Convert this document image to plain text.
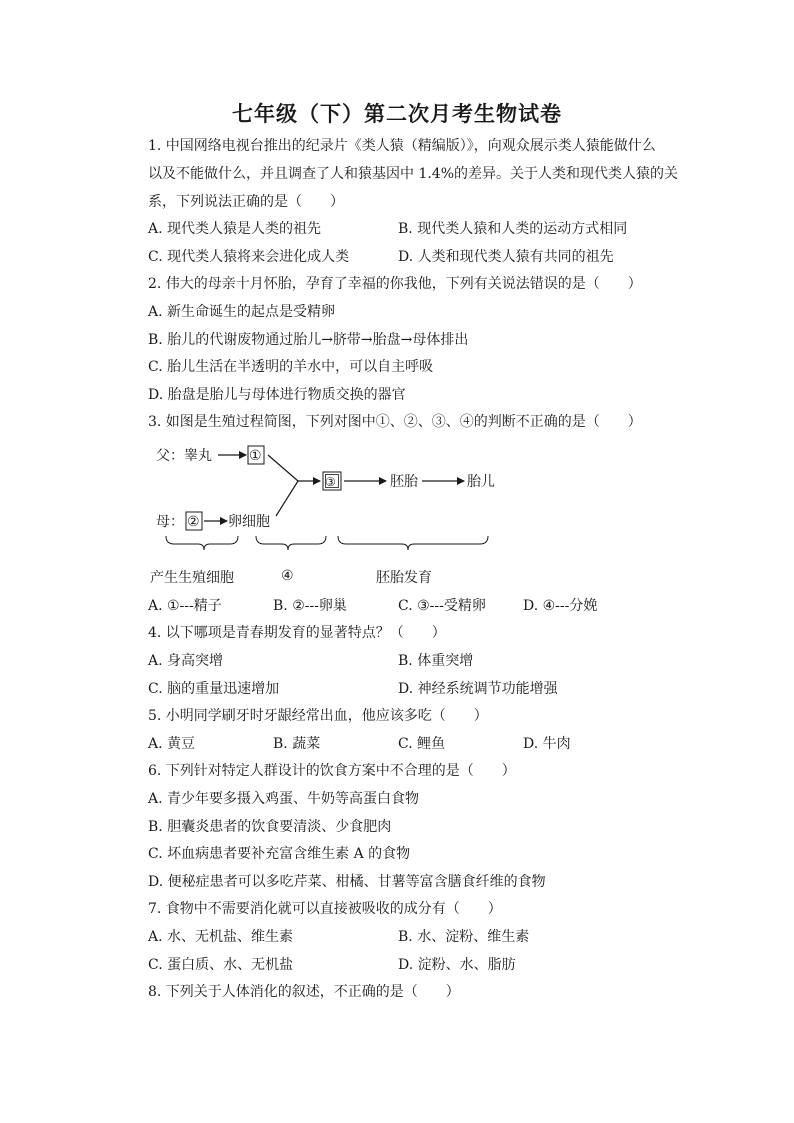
七年级（下）第二次月考生物试卷
1. 中国网络电视台推出的纪录片《类人猿（精编版）》，向观众展示类人猿能做什么
以及不能做什么，并且调查了人和猿基因中 1.4%的差异。关于人类和现代类人猿的关
系，下列说法正确的是（　　）
A. 现代类人猿是人类的祖先	B. 现代类人猿和人类的运动方式相同
C. 现代类人猿将来会进化成人类	D. 人类和现代类人猿有共同的祖先
2. 伟大的母亲十月怀胎，孕育了幸福的你我他，下列有关说法错误的是（　　）
A. 新生命诞生的起点是受精卵
B. 胎儿的代谢废物通过胎儿→脐带→胎盘→母体排出
C. 胎儿生活在半透明的羊水中，可以自主呼吸
D. 胎盘是胎儿与母体进行物质交换的器官
3. 如图是生殖过程简图，下列对图中①、②、③、④的判断不正确的是（　　）
父：睾丸	①
母： ② 卵细胞
③	胚胎	胎儿
产生生殖细胞	④	胚胎发育
A. ①---精子	B. ②---卵巢	C. ③---受精卵	D. ④---分娩
4. 以下哪项是青春期发育的显著特点？（　　）
A. 身高突增	B. 体重突增
C. 脑的重量迅速增加	D. 神经系统调节功能增强
5. 小明同学刷牙时牙龈经常出血，他应该多吃（　　）
A. 黄豆	B. 蔬菜	C. 鲤鱼	D. 牛肉
6. 下列针对特定人群设计的饮食方案中不合理的是（　　）
A. 青少年要多摄入鸡蛋、牛奶等高蛋白食物
B. 胆囊炎患者的饮食要清淡、少食肥肉
C. 坏血病患者要补充富含维生素 A 的食物
D. 便秘症患者可以多吃芹菜、柑橘、甘薯等富含膳食纤维的食物
7. 食物中不需要消化就可以直接被吸收的成分有（　　）
A. 水、无机盐、维生素	B. 水、淀粉、维生素
C. 蛋白质、水、无机盐	D. 淀粉、水、脂肪
8. 下列关于人体消化的叙述，不正确的是（　　）
